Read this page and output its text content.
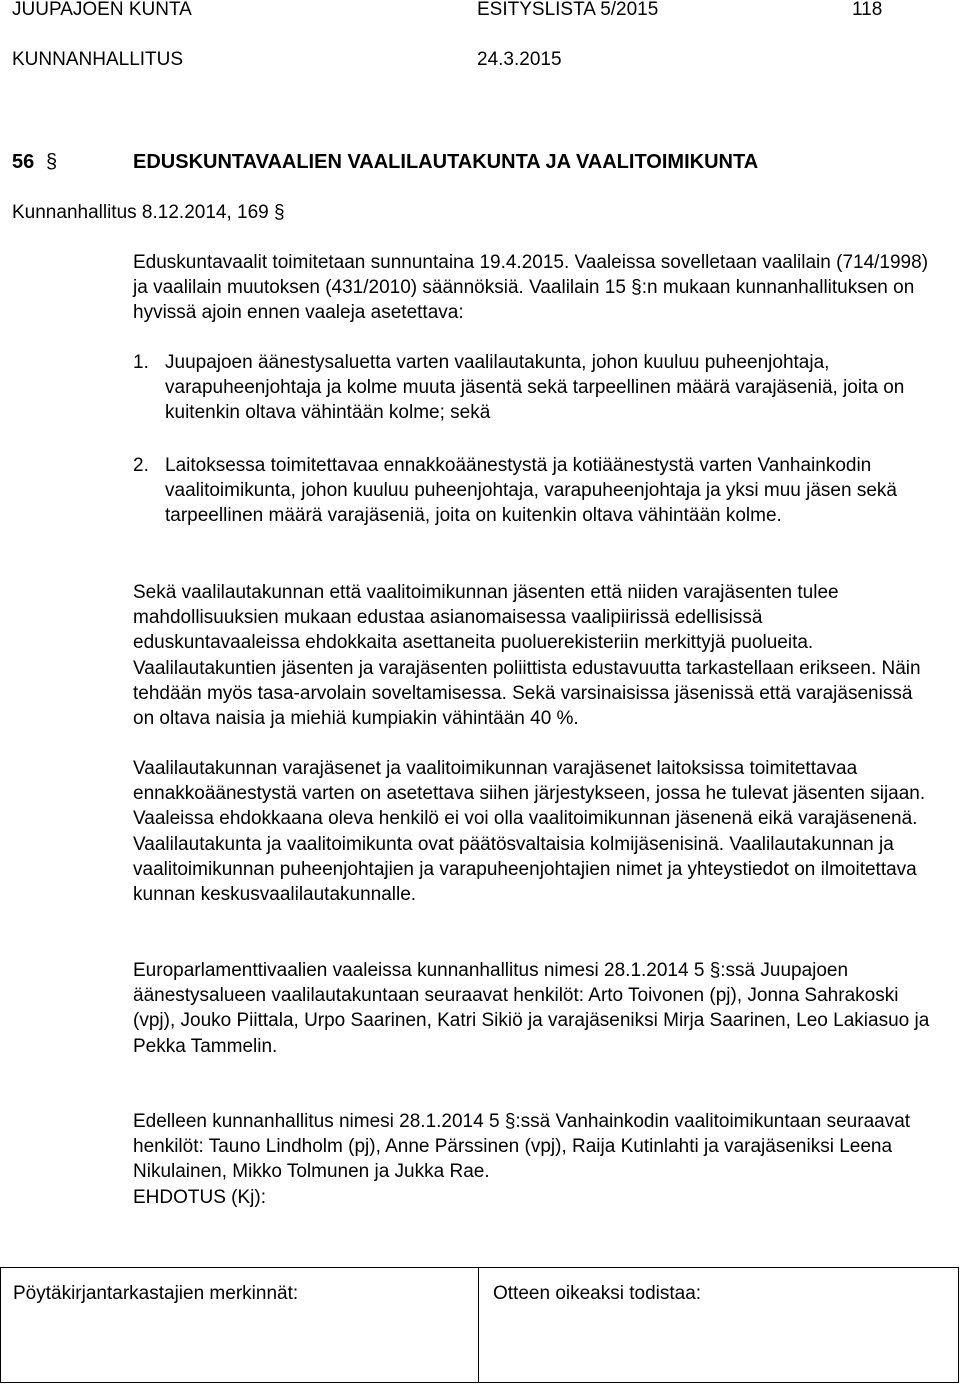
JUUPAJOEN KUNTA	ESITYSLISTA 5/2015	118
KUNNANHALLITUS	24.3.2015
56 §	EDUSKUNTAVAALIEN VAALILAUTAKUNTA JA VAALITOIMIKUNTA
Kunnanhallitus 8.12.2014, 169 §

Eduskuntavaalit toimitetaan sunnuntaina 19.4.2015. Vaaleissa sovelletaan vaalilain (714/1998) ja vaalilain muutoksen (431/2010) säännöksiä. Vaalilain 15 §:n mukaan kunnanhallituksen on hyvissä ajoin ennen vaaleja asetettava:

1. Juupajoen äänestysaluetta varten vaalilautakunta, johon kuuluu puheenjohtaja, varapuheenjohtaja ja kolme muuta jäsentä sekä tarpeellinen määrä varajäseniä, joita on kuitenkin oltava vähintään kolme; sekä
2. Laitoksessa toimitettavaa ennakkoäänestystä ja kotiäänestystä varten Vanhainkodin vaalitoimikunta, johon kuuluu puheenjohtaja, varapuheenjohtaja ja yksi muu jäsen sekä tarpeellinen määrä varajäseniä, joita on kuitenkin oltava vähintään kolme.

Sekä vaalilautakunnan että vaalitoimikunnan jäsenten että niiden varajäsenten tulee mahdollisuuksien mukaan edustaa asianomaisessa vaalipiirissä edellisissä eduskuntavaaleissa ehdokkaita asettaneita puoluerekisteriin merkittyjä puolueita. Vaalilautakuntien jäsenten ja varajäsenten poliittista edustavuutta tarkastellaan erikseen. Näin tehdään myös tasa-arvolain soveltamisessa. Sekä varsinaisissa jäsenissä että varajäsenissä on oltava naisia ja miehiä kumpiakin vähintään 40 %.

Vaalilautakunnan varajäsenet ja vaalitoimikunnan varajäsenet laitoksissa toimitettavaa ennakkoäänestystä varten on asetettava siihen järjestykseen, jossa he tulevat jäsenten sijaan. Vaaleissa ehdokkaana oleva henkilö ei voi olla vaalitoimikunnan jäsenenä eikä varajäsenenä. Vaalilautakunta ja vaalitoimikunta ovat päätösvaltaisia kolmijäsenisinä. Vaalilautakunnan ja vaalitoimikunnan puheenjohtajien ja varapuheenjohtajien nimet ja yhteystiedot on ilmoitettava kunnan keskusvaalilautakunnalle.

Europarlamenttivaalien vaaleissa kunnanhallitus nimesi 28.1.2014 5 §:ssä Juupajoen äänestysalueen vaalilautakuntaan seuraavat henkilöt: Arto Toivonen (pj), Jonna Sahrakoski (vpj), Jouko Piittala, Urpo Saarinen, Katri Sikiö ja varajäseniksi Mirja Saarinen, Leo Lakiasuo ja Pekka Tammelin.

Edelleen kunnanhallitus nimesi 28.1.2014 5 §:ssä Vanhainkodin vaalitoimikuntaan seuraavat henkilöt: Tauno Lindholm (pj), Anne Pärssinen (vpj), Raija Kutinlahti ja varajäseniksi Leena Nikulainen, Mikko Tolmunen ja Jukka Rae.

EHDOTUS (Kj):
Pöytäkirjantarkastajien merkinnät:	Otteen oikeaksi todistaa:
